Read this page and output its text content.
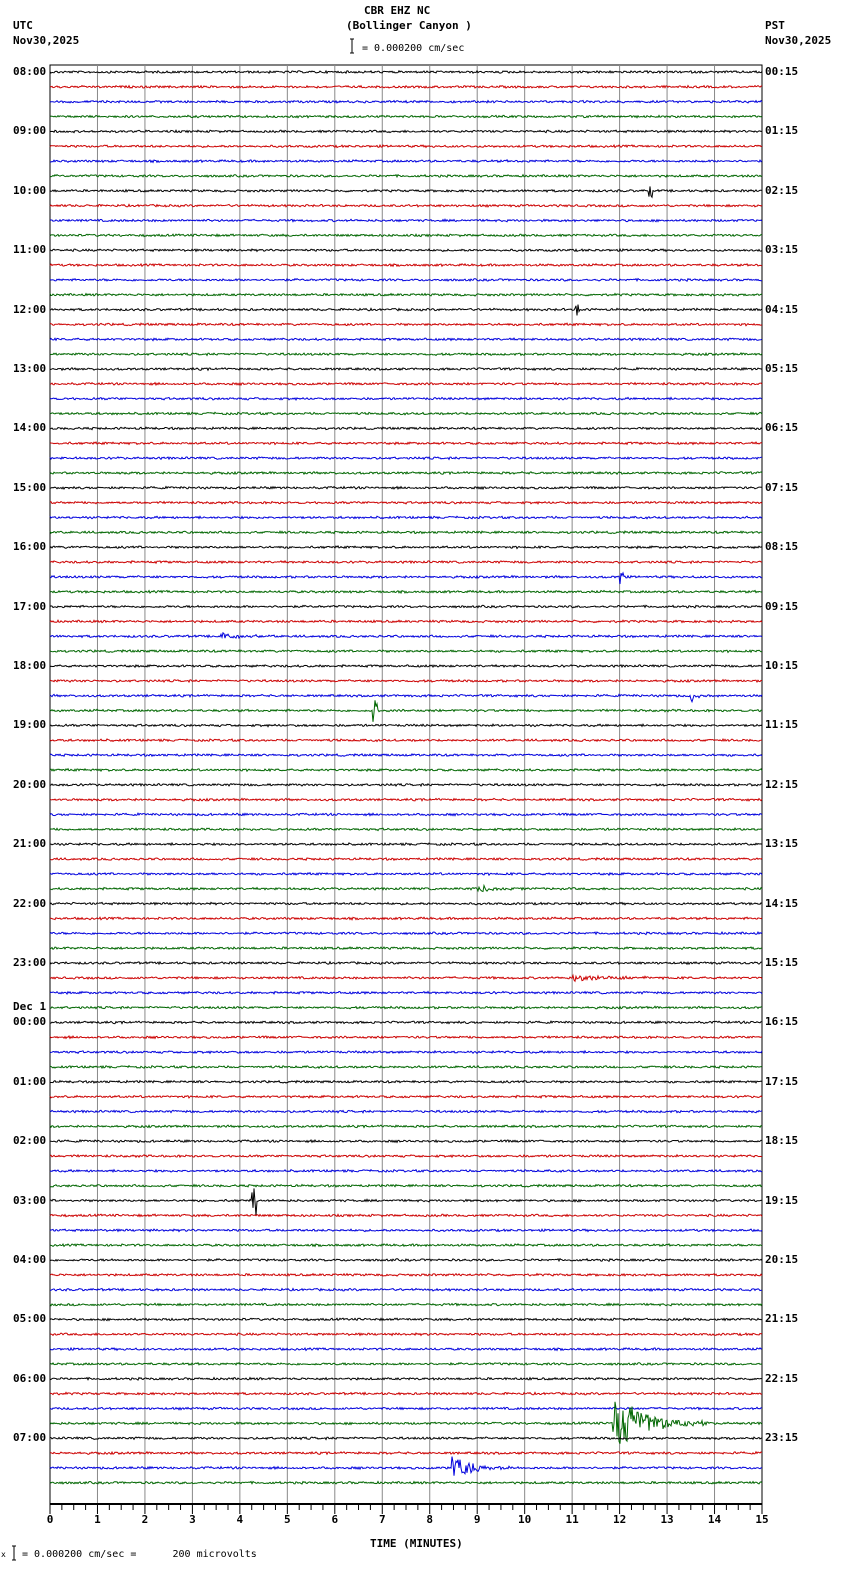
CBR EHZ NC
(Bollinger Canyon )
UTC
Nov30,2025
PST
Nov30,2025
= 0.000200 cm/sec
TIME (MINUTES)
x = 0.000200 cm/sec =      200 microvolts
08:00
09:00
10:00
11:00
12:00
13:00
14:00
15:00
16:00
17:00
18:00
19:00
20:00
21:00
22:00
23:00
00:00
01:00
02:00
03:00
04:00
05:00
06:00
07:00
00:15
01:15
02:15
03:15
04:15
05:15
06:15
07:15
08:15
09:15
10:15
11:15
12:15
13:15
14:15
15:15
16:15
17:15
18:15
19:15
20:15
21:15
22:15
23:15
Dec 1
0	1	2	3	4	5	6	7	8	9	10	11	12	13	14	15
